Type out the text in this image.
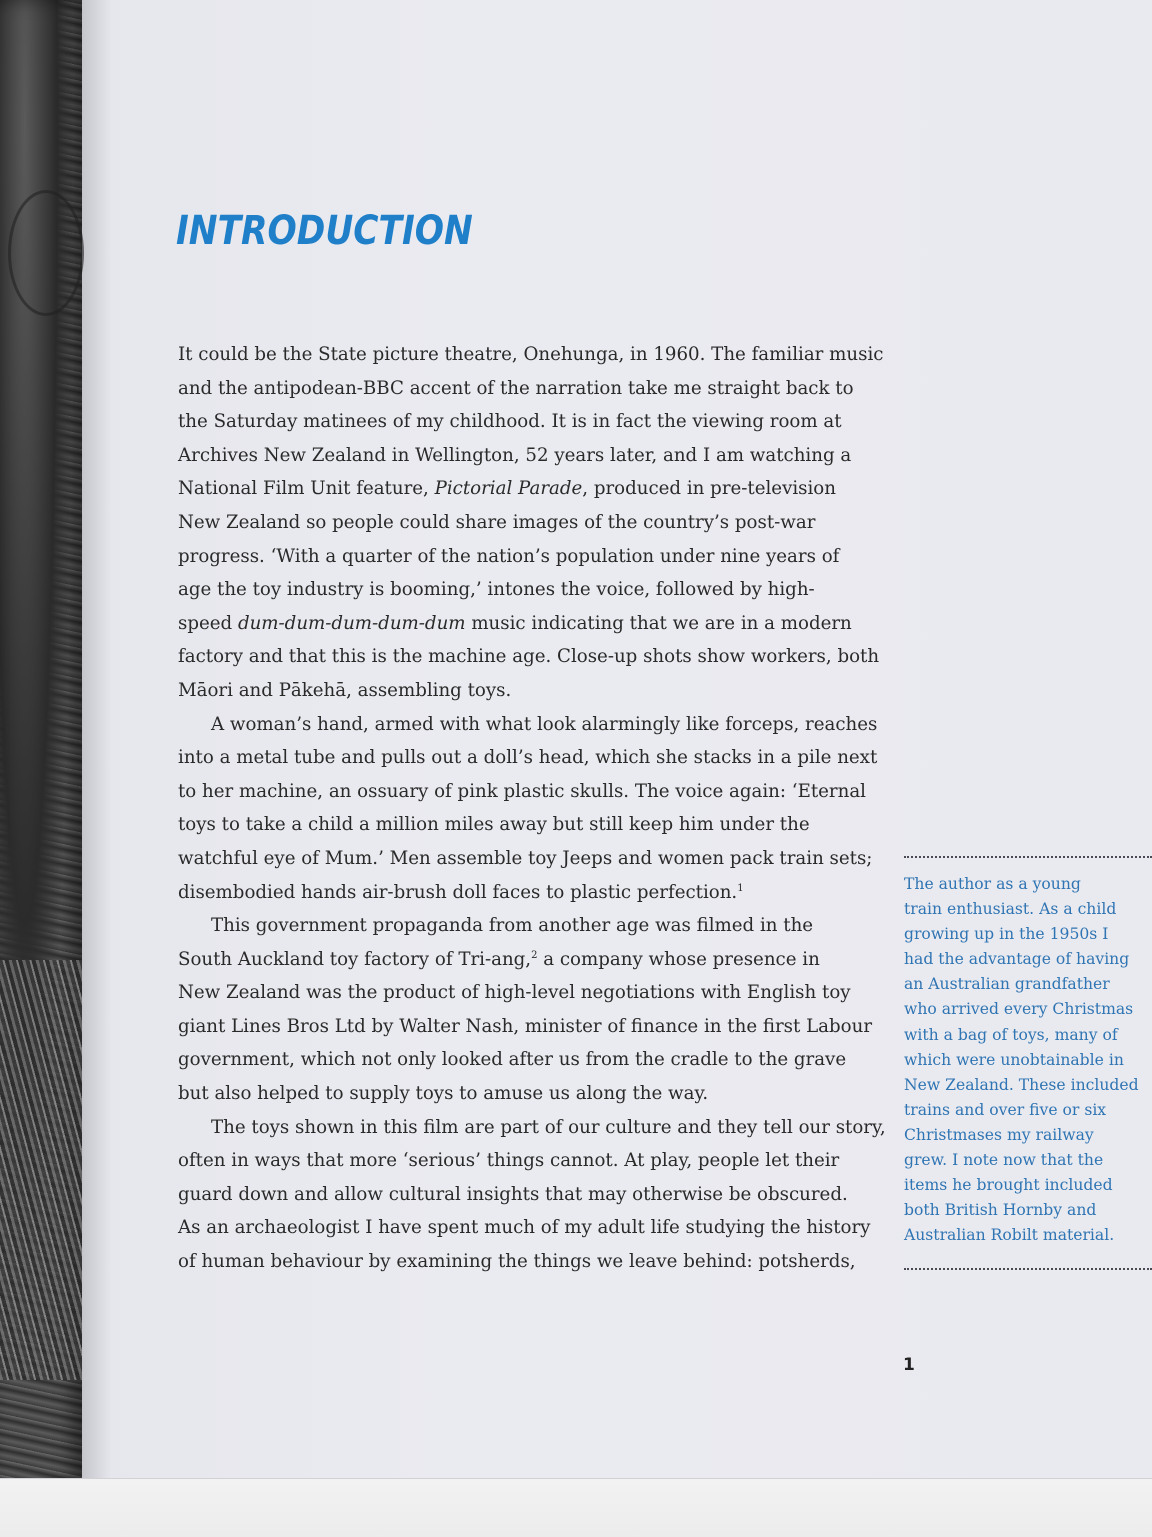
INTRODUCTION
It could be the State picture theatre, Onehunga, in 1960. The familiar music
and the antipodean-BBC accent of the narration take me straight back to
the Saturday matinees of my childhood. It is in fact the viewing room at
Archives New Zealand in Wellington, 52 years later, and I am watching a
National Film Unit feature, Pictorial Parade, produced in pre-television
New Zealand so people could share images of the country’s post-war
progress. ‘With a quarter of the nation’s population under nine years of
age the toy industry is booming,’ intones the voice, followed by high-
speed dum-dum-dum-dum-dum music indicating that we are in a modern
factory and that this is the machine age. Close-up shots show workers, both
Māori and Pākehā, assembling toys.
A woman’s hand, armed with what look alarmingly like forceps, reaches
into a metal tube and pulls out a doll’s head, which she stacks in a pile next
to her machine, an ossuary of pink plastic skulls. The voice again: ‘Eternal
toys to take a child a million miles away but still keep him under the
watchful eye of Mum.’ Men assemble toy Jeeps and women pack train sets;
disembodied hands air-brush doll faces to plastic perfection.$^1$
This government propaganda from another age was filmed in the
South Auckland toy factory of Tri-ang,$^2$ a company whose presence in
New Zealand was the product of high-level negotiations with English toy
giant Lines Bros Ltd by Walter Nash, minister of finance in the first Labour
government, which not only looked after us from the cradle to the grave
but also helped to supply toys to amuse us along the way.
The toys shown in this film are part of our culture and they tell our story,
often in ways that more ‘serious’ things cannot. At play, people let their
guard down and allow cultural insights that may otherwise be obscured.
As an archaeologist I have spent much of my adult life studying the history
of human behaviour by examining the things we leave behind: potsherds,
The author as a young
train enthusiast. As a child
growing up in the 1950s I
had the advantage of having
an Australian grandfather
who arrived every Christmas
with a bag of toys, many of
which were unobtainable in
New Zealand. These included
trains and over five or six
Christmases my railway
grew. I note now that the
items he brought included
both British Hornby and
Australian Robilt material.
1
